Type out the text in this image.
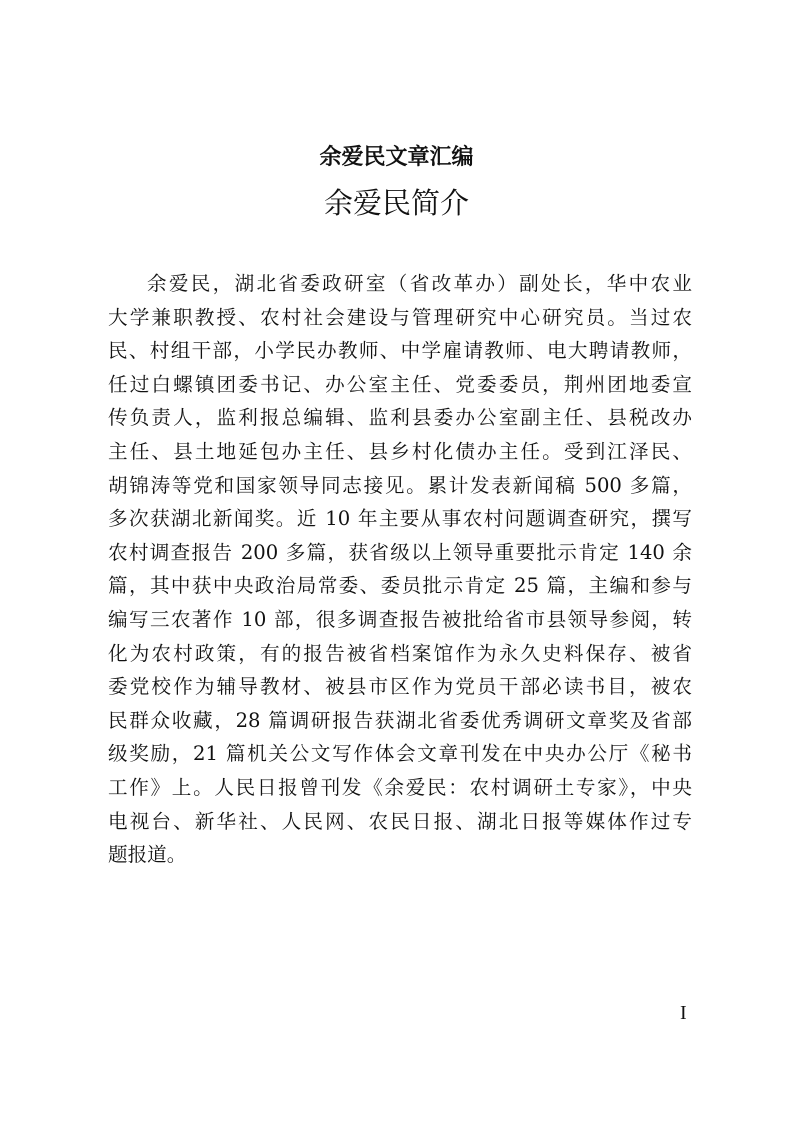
余爱民文章汇编
余爱民简介
余爱民，湖北省委政研室（省改革办）副处长，华中农业
大学兼职教授、农村社会建设与管理研究中心研究员。当过农
民、村组干部，小学民办教师、中学雇请教师、电大聘请教师，
任过白螺镇团委书记、办公室主任、党委委员，荆州团地委宣
传负责人，监利报总编辑、监利县委办公室副主任、县税改办
主任、县土地延包办主任、县乡村化债办主任。受到江泽民、
胡锦涛等党和国家领导同志接见。累计发表新闻稿 500 多篇，
多次获湖北新闻奖。近 10 年主要从事农村问题调查研究，撰写
农村调查报告 200 多篇，获省级以上领导重要批示肯定 140 余
篇，其中获中央政治局常委、委员批示肯定 25 篇，主编和参与
编写三农著作 10 部，很多调查报告被批给省市县领导参阅，转
化为农村政策，有的报告被省档案馆作为永久史料保存、被省
委党校作为辅导教材、被县市区作为党员干部必读书目，被农
民群众收藏，28 篇调研报告获湖北省委优秀调研文章奖及省部
级奖励，21 篇机关公文写作体会文章刊发在中央办公厅《秘书
工作》上。人民日报曾刊发《余爱民：农村调研土专家》，中央
电视台、新华社、人民网、农民日报、湖北日报等媒体作过专
题报道。
I
